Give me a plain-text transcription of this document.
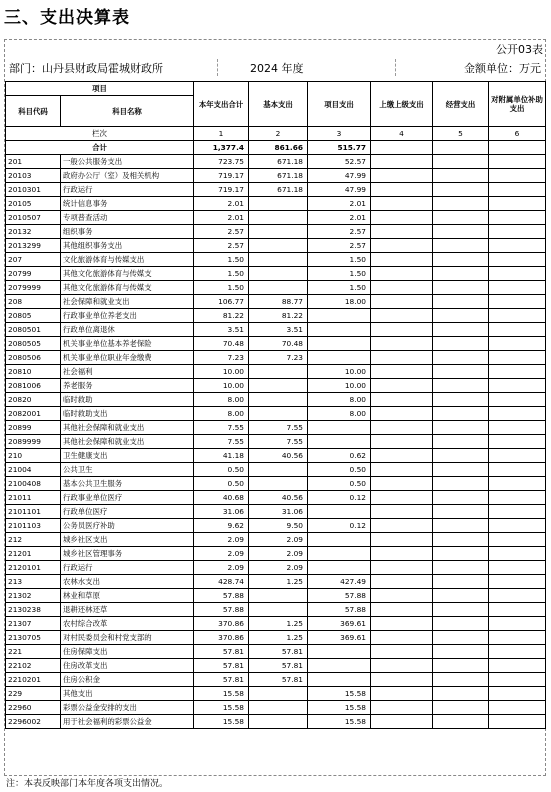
三、支出决算表
公开03表
部门：山丹县财政局霍城财政所	2024 年度	金额单位：万元
项目		本年支出合计	基本支出	项目支出	上缴上级支出	经营支出	对附属单位补助支出
科目代码	科目名称						
栏次		1	2	3	4	5	6
合计		1,377.4	861.66	515.77			
201	一般公共服务支出	723.75	671.18	52.57			
20103	政府办公厅（室）及相关机构	719.17	671.18	47.99			
2010301	行政运行	719.17	671.18	47.99			
20105	统计信息事务	2.01		2.01			
2010507	专项普查活动	2.01		2.01			
20132	组织事务	2.57		2.57			
2013299	其他组织事务支出	2.57		2.57			
207	文化旅游体育与传媒支出	1.50		1.50			
20799	其他文化旅游体育与传媒支	1.50		1.50			
2079999	其他文化旅游体育与传媒支	1.50		1.50			
208	社会保障和就业支出	106.77	88.77	18.00			
20805	行政事业单位养老支出	81.22	81.22				
2080501	行政单位离退休	3.51	3.51				
2080505	机关事业单位基本养老保险	70.48	70.48				
2080506	机关事业单位职业年金缴费	7.23	7.23				
20810	社会福利	10.00		10.00			
2081006	养老服务	10.00		10.00			
20820	临时救助	8.00		8.00			
2082001	临时救助支出	8.00		8.00			
20899	其他社会保障和就业支出	7.55	7.55				
2089999	其他社会保障和就业支出	7.55	7.55				
210	卫生健康支出	41.18	40.56	0.62			
21004	公共卫生	0.50		0.50			
2100408	基本公共卫生服务	0.50		0.50			
21011	行政事业单位医疗	40.68	40.56	0.12			
2101101	行政单位医疗	31.06	31.06				
2101103	公务员医疗补助	9.62	9.50	0.12			
212	城乡社区支出	2.09	2.09				
21201	城乡社区管理事务	2.09	2.09				
2120101	行政运行	2.09	2.09				
213	农林水支出	428.74	1.25	427.49			
21302	林业和草原	57.88		57.88			
2130238	退耕还林还草	57.88		57.88			
21307	农村综合改革	370.86	1.25	369.61			
2130705	对村民委员会和村党支部的	370.86	1.25	369.61			
221	住房保障支出	57.81	57.81				
22102	住房改革支出	57.81	57.81				
2210201	住房公积金	57.81	57.81				
229	其他支出	15.58		15.58			
22960	彩票公益金安排的支出	15.58		15.58			
2296002	用于社会福利的彩票公益金	15.58		15.58			
注：本表反映部门本年度各项支出情况。
